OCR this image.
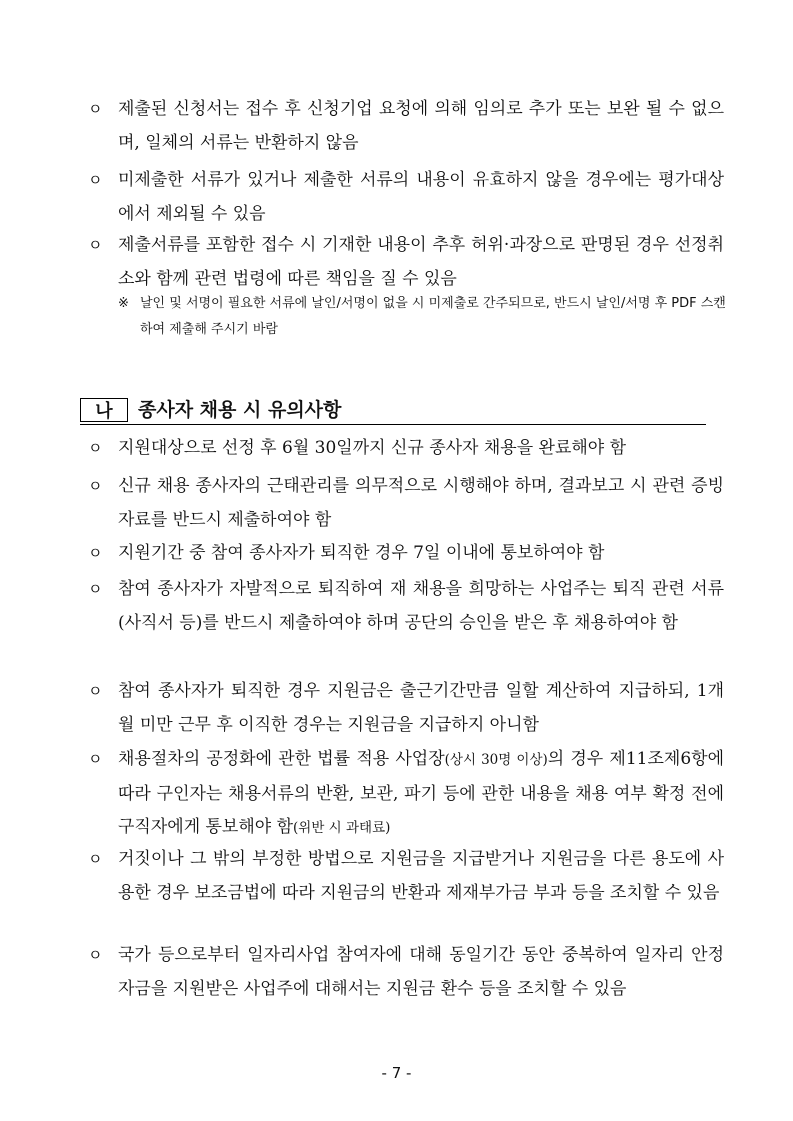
ㅇ 제출된 신청서는 접수 후 신청기업 요청에 의해 임의로 추가 또는 보완 될 수 없으며, 일체의 서류는 반환하지 않음
ㅇ 미제출한 서류가 있거나 제출한 서류의 내용이 유효하지 않을 경우에는 평가대상에서 제외될 수 있음
ㅇ 제출서류를 포함한 접수 시 기재한 내용이 추후 허위·과장으로 판명된 경우 선정취소와 함께 관련 법령에 따른 책임을 질 수 있음
※ 날인 및 서명이 필요한 서류에 날인/서명이 없을 시 미제출로 간주되므로, 반드시 날인/서명 후 PDF 스캔하여 제출해 주시기 바람
나	종사자 채용 시 유의사항
ㅇ 지원대상으로 선정 후 6월 30일까지 신규 종사자 채용을 완료해야 함
ㅇ 신규 채용 종사자의 근태관리를 의무적으로 시행해야 하며, 결과보고 시 관련 증빙자료를 반드시 제출하여야 함
ㅇ 지원기간 중 참여 종사자가 퇴직한 경우 7일 이내에 통보하여야 함
ㅇ 참여 종사자가 자발적으로 퇴직하여 재 채용을 희망하는 사업주는 퇴직 관련 서류(사직서 등)를 반드시 제출하여야 하며 공단의 승인을 받은 후 채용하여야 함
ㅇ 참여 종사자가 퇴직한 경우 지원금은 출근기간만큼 일할 계산하여 지급하되, 1개월 미만 근무 후 이직한 경우는 지원금을 지급하지 아니함
ㅇ 채용절차의 공정화에 관한 법률 적용 사업장(상시 30명 이상)의 경우 제11조제6항에 따라 구인자는 채용서류의 반환, 보관, 파기 등에 관한 내용을 채용 여부 확정 전에 구직자에게 통보해야 함(위반 시 과태료)
ㅇ 거짓이나 그 밖의 부정한 방법으로 지원금을 지급받거나 지원금을 다른 용도에 사용한 경우 보조금법에 따라 지원금의 반환과 제재부가금 부과 등을 조치할 수 있음
ㅇ 국가 등으로부터 일자리사업 참여자에 대해 동일기간 동안 중복하여 일자리 안정자금을 지원받은 사업주에 대해서는 지원금 환수 등을 조치할 수 있음
- 7 -
